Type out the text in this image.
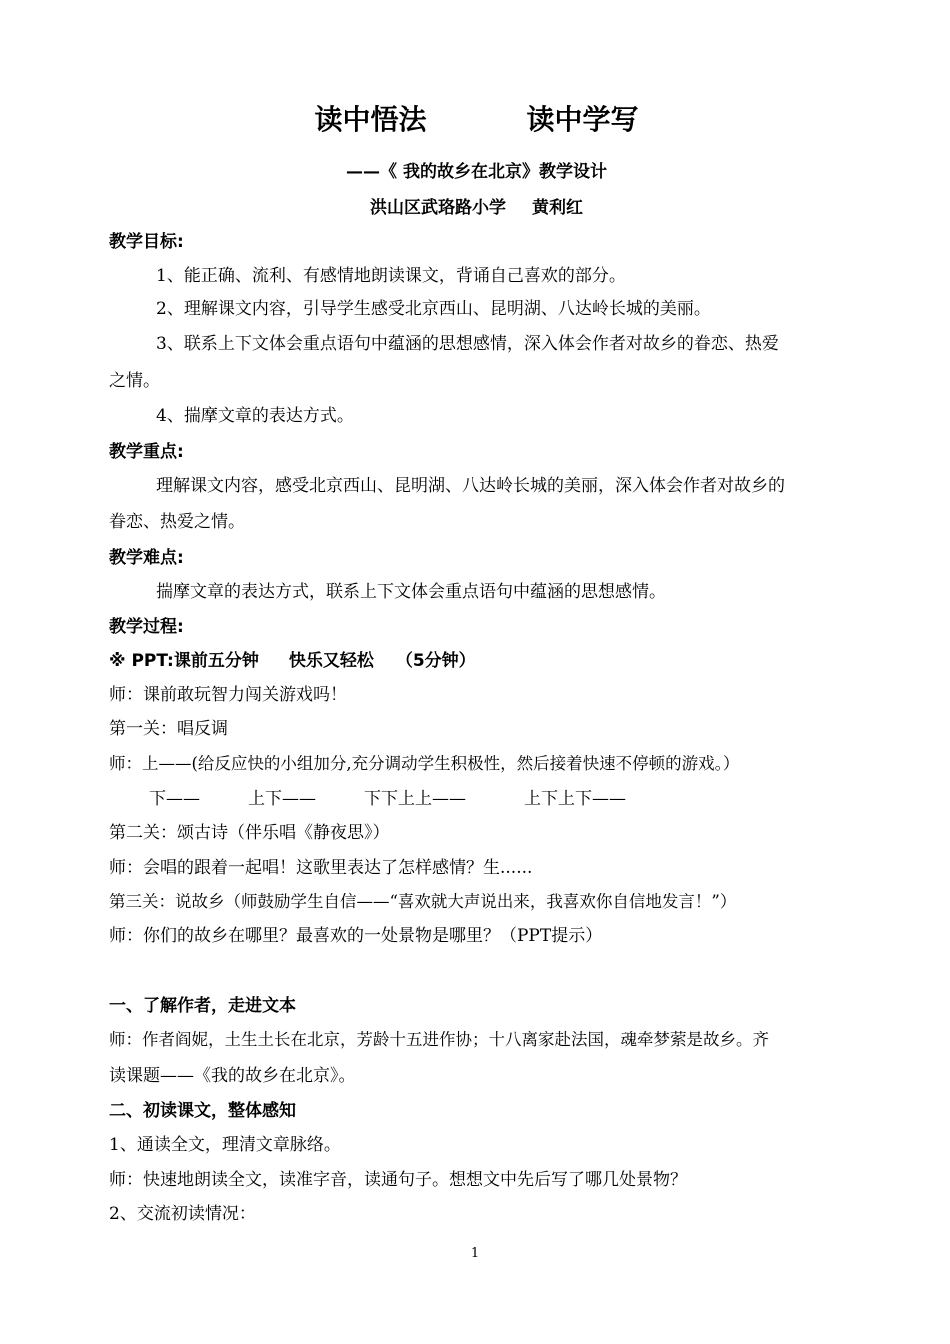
读中悟法	读中学写
——《 我的故乡在北京》教学设计
洪山区武珞路小学 黄利红
教学目标:
1、能正确、流利、有感情地朗读课文，背诵自己喜欢的部分。
2、理解课文内容，引导学生感受北京西山、昆明湖、八达岭长城的美丽。
3、联系上下文体会重点语句中蕴涵的思想感情，深入体会作者对故乡的眷恋、热爱
之情。
4、揣摩文章的表达方式。
教学重点:
理解课文内容，感受北京西山、昆明湖、八达岭长城的美丽，深入体会作者对故乡的
眷恋、热爱之情。
教学难点:
揣摩文章的表达方式，联系上下文体会重点语句中蕴涵的思想感情。
教学过程:
※ PPT:课前五分钟 快乐又轻松 （5分钟）
师：课前敢玩智力闯关游戏吗！
第一关：唱反调
师：上——(给反应快的小组加分,充分调动学生积极性，然后接着快速不停顿的游戏。）
下——	上下——	下下上上——	上下上下——
第二关：颂古诗（伴乐唱《静夜思》）
师：会唱的跟着一起唱！这歌里表达了怎样感情？生......
第三关：说故乡（师鼓励学生自信——“喜欢就大声说出来，我喜欢你自信地发言！”）
师：你们的故乡在哪里？最喜欢的一处景物是哪里？（PPT提示）
一、了解作者，走进文本
师：作者阎妮，土生土长在北京，芳龄十五进作协；十八离家赴法国，魂牵梦萦是故乡。齐
读课题——《我的故乡在北京》。
二、初读课文，整体感知
1、通读全文，理清文章脉络。
师：快速地朗读全文，读准字音，读通句子。想想文中先后写了哪几处景物？
2、交流初读情况：
1
